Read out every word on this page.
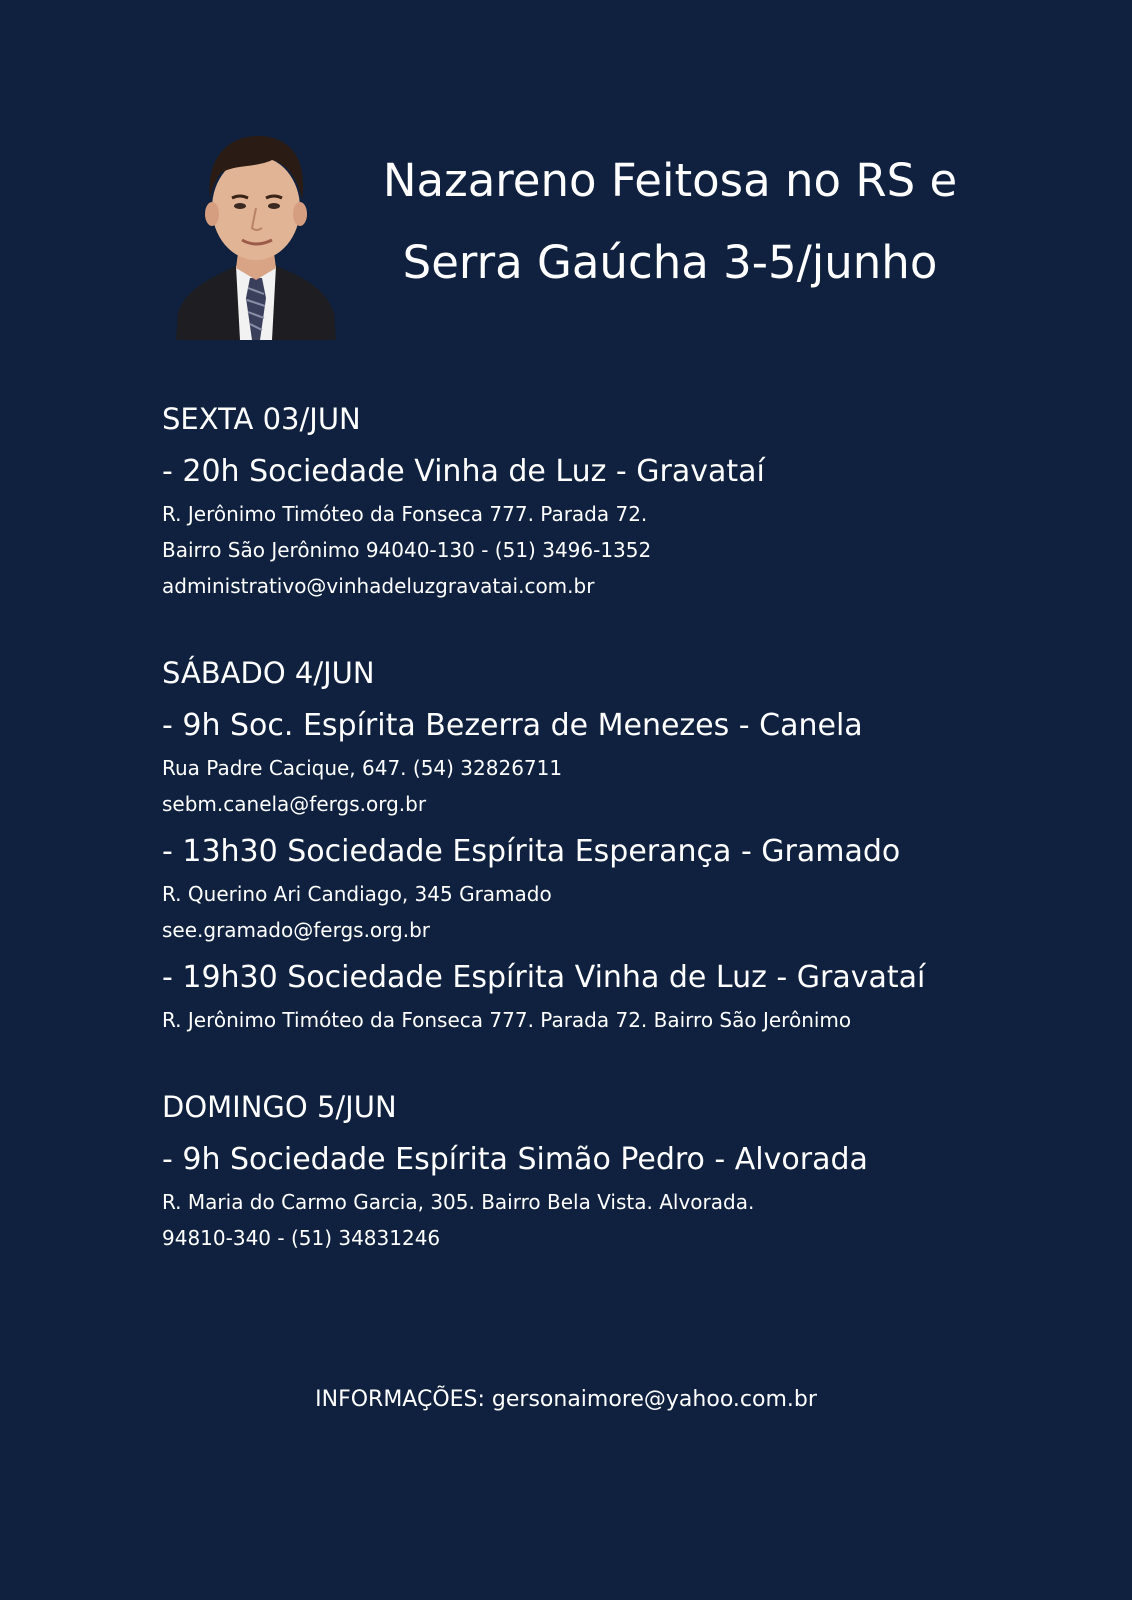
Nazareno Feitosa no RS e
Serra Gaúcha 3-5/junho
SEXTA 03/JUN
- 20h Sociedade Vinha de Luz - Gravataí
R. Jerônimo Timóteo da Fonseca 777. Parada 72.
Bairro São Jerônimo 94040-130 - (51) 3496-1352
administrativo@vinhadeluzgravatai.com.br
SÁBADO 4/JUN
- 9h Soc. Espírita Bezerra de Menezes - Canela
Rua Padre Cacique, 647. (54) 32826711
sebm.canela@fergs.org.br
- 13h30 Sociedade Espírita Esperança - Gramado
R. Querino Ari Candiago, 345 Gramado
see.gramado@fergs.org.br
- 19h30 Sociedade Espírita Vinha de Luz - Gravataí
R. Jerônimo Timóteo da Fonseca 777. Parada 72. Bairro São Jerônimo
DOMINGO 5/JUN
- 9h Sociedade Espírita Simão Pedro - Alvorada
R. Maria do Carmo Garcia, 305. Bairro Bela Vista. Alvorada.
94810-340 - (51) 34831246
INFORMAÇÕES: gersonaimore@yahoo.com.br
